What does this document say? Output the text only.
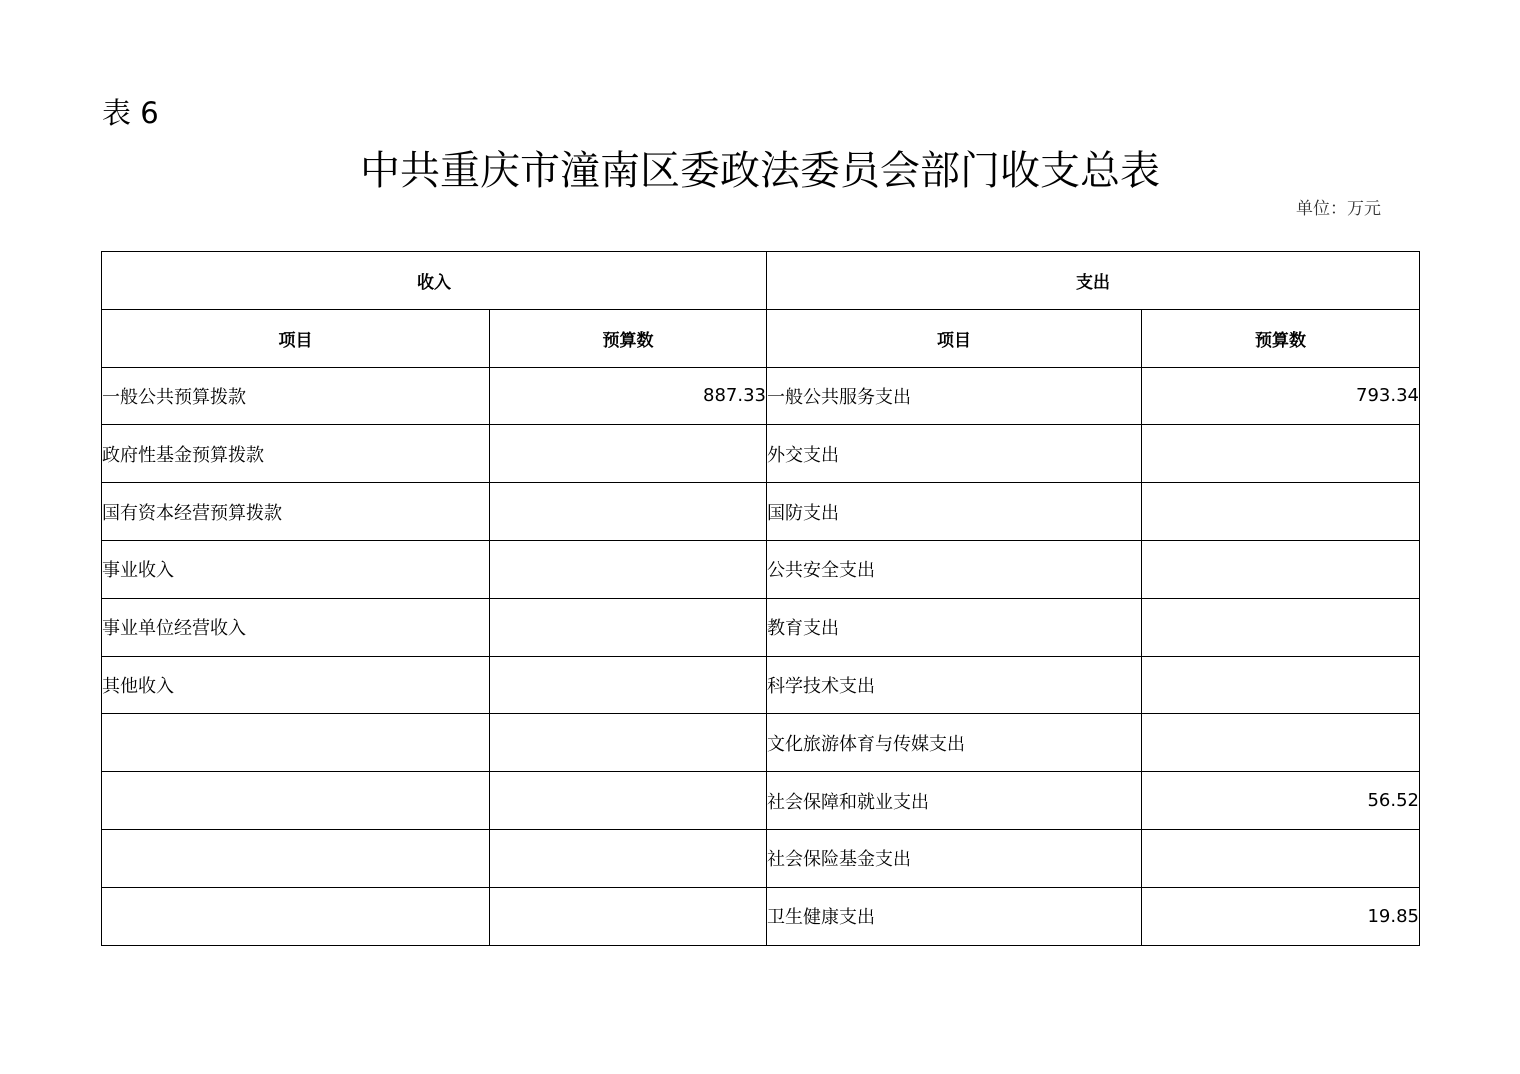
表 6
中共重庆市潼南区委政法委员会部门收支总表
单位：万元
收入		支出	
项目	预算数	项目	预算数
一般公共预算拨款	887.33	一般公共服务支出	793.34
政府性基金预算拨款		外交支出	
国有资本经营预算拨款		国防支出	
事业收入		公共安全支出	
事业单位经营收入		教育支出	
其他收入		科学技术支出	
		文化旅游体育与传媒支出	
		社会保障和就业支出	56.52
		社会保险基金支出	
		卫生健康支出	19.85
